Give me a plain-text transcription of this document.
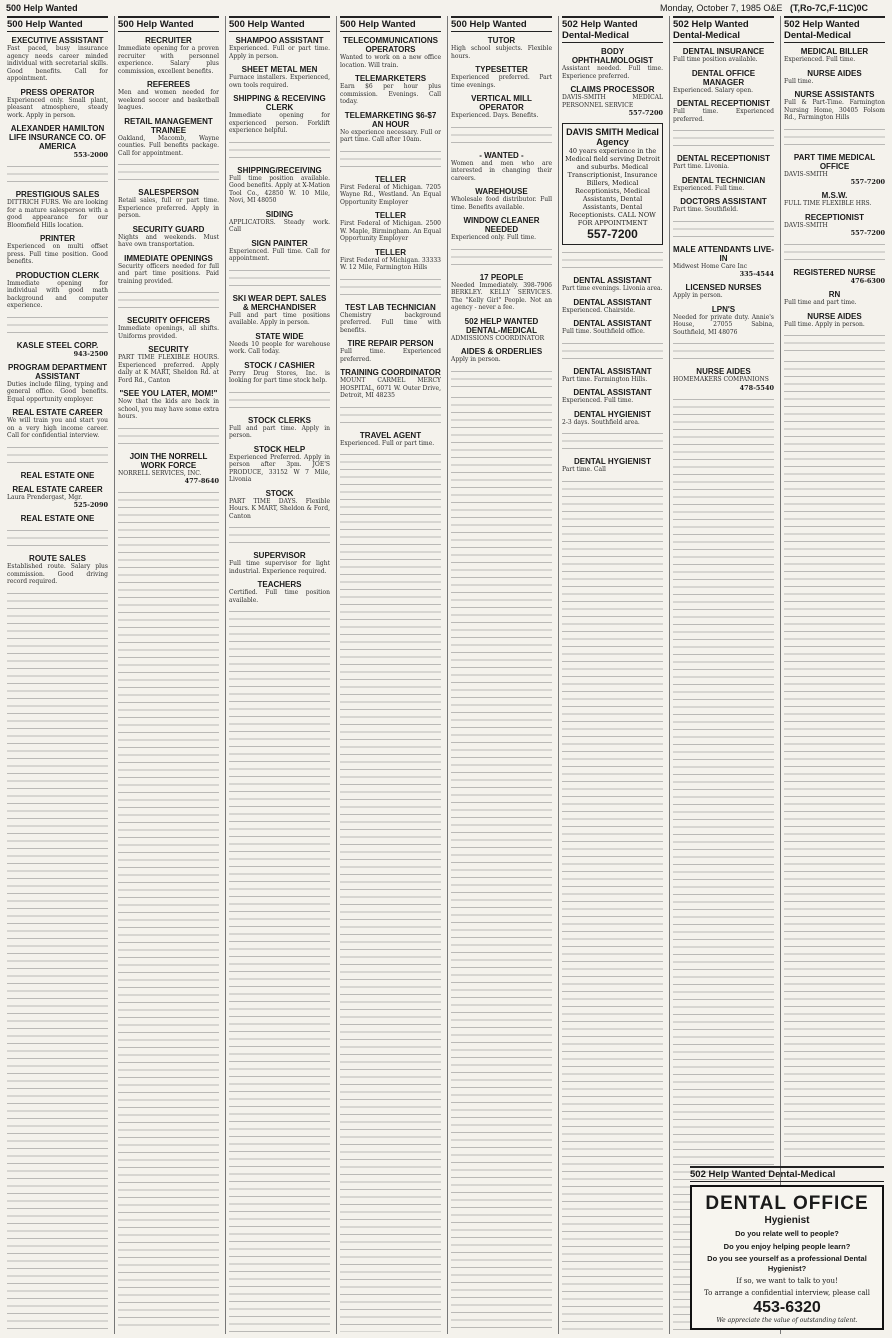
500 Help Wanted	Monday, October 7, 1985 O&E (T,Ro-7C,F-11C)0C
500 Help Wanted
EXECUTIVE ASSISTANT
Fast paced, busy insurance agency needs career minded individual with secretarial skills. Good benefits. Call for appointment.
PRESS OPERATOR
Experienced only. Small plant, pleasant atmosphere, steady work. Apply in person.
ALEXANDER HAMILTON LIFE INSURANCE CO. OF AMERICA
553-2000
PRESTIGIOUS SALES
DITTRICH FURS. We are looking for a mature salesperson with a good appearance for our Bloomfield Hills location.
PRINTER
Experienced on multi offset press. Full time position. Good benefits.
PRODUCTION CLERK
Immediate opening for individual with good math background and computer experience.
KASLE STEEL CORP.
943-2500
PROGRAM DEPARTMENT ASSISTANT
Duties include filing, typing and general office. Good benefits. Equal opportunity employer.
REAL ESTATE CAREER
We will train you and start you on a very high income career. Call for confidential interview.
REAL ESTATE ONE
REAL ESTATE CAREER
Laura Prendergast, Mgr.
525-2090
REAL ESTATE ONE
ROUTE SALES
Established route. Salary plus commission. Good driving record required.
500 Help Wanted
RECRUITER
Immediate opening for a proven recruiter with personnel experience. Salary plus commission, excellent benefits.
REFEREES
Men and women needed for weekend soccer and basketball leagues.
RETAIL MANAGEMENT TRAINEE
Oakland, Macomb, Wayne counties. Full benefits package. Call for appointment.
SALESPERSON
Retail sales, full or part time. Experience preferred. Apply in person.
SECURITY GUARD
Nights and weekends. Must have own transportation.
IMMEDIATE OPENINGS
Security officers needed for full and part time positions. Paid training provided.
SECURITY OFFICERS
Immediate openings, all shifts. Uniforms provided.
SECURITY
PART TIME FLEXIBLE HOURS. Experienced preferred. Apply daily at K MART, Sheldon Rd. at Ford Rd., Canton
"SEE YOU LATER, MOM!"
Now that the kids are back in school, you may have some extra hours.
JOIN THE NORRELL WORK FORCE
NORRELL SERVICES, INC.
477-8640
500 Help Wanted
SHAMPOO ASSISTANT
Experienced. Full or part time. Apply in person.
SHEET METAL MEN
Furnace installers. Experienced, own tools required.
SHIPPING & RECEIVING CLERK
Immediate opening for experienced person. Forklift experience helpful.
SHIPPING/RECEIVING
Full time position available. Good benefits. Apply at X-Mation Tool Co., 42850 W. 10 Mile, Novi, MI 48050
SIDING
APPLICATORS. Steady work. Call
SIGN PAINTER
Experienced. Full time. Call for appointment.
SKI WEAR DEPT. SALES & MERCHANDISER
Full and part time positions available. Apply in person.
STATE WIDE
Needs 10 people for warehouse work. Call today.
STOCK / CASHIER
Perry Drug Stores, Inc. is looking for part time stock help.
STOCK CLERKS
Full and part time. Apply in person.
STOCK HELP
Experienced Preferred. Apply in person after 3pm. JOE'S PRODUCE, 33152 W 7 Mile, Livonia
STOCK
PART TIME DAYS. Flexible Hours. K MART, Sheldon & Ford, Canton
SUPERVISOR
Full time supervisor for light industrial. Experience required.
TEACHERS
Certified. Full time position available.
500 Help Wanted
TELECOMMUNICATIONS OPERATORS
Wanted to work on a new office location. Will train.
TELEMARKETERS
Earn $6 per hour plus commission. Evenings. Call today.
TELEMARKETING $6-$7 AN HOUR
No experience necessary. Full or part time. Call after 10am.
TELLER
First Federal of Michigan. 7205 Wayne Rd., Westland. An Equal Opportunity Employer
TELLER
First Federal of Michigan. 2500 W. Maple, Birmingham. An Equal Opportunity Employer
TELLER
First Federal of Michigan. 33333 W. 12 Mile, Farmington Hills
TEST LAB TECHNICIAN
Chemistry background preferred. Full time with benefits.
TIRE REPAIR PERSON
Full time. Experienced preferred.
TRAINING COORDINATOR
MOUNT CARMEL MERCY HOSPITAL, 6071 W. Outer Drive, Detroit, MI 48235
TRAVEL AGENT
Experienced. Full or part time.
500 Help Wanted
TUTOR
High school subjects. Flexible hours.
TYPESETTER
Experienced preferred. Part time evenings.
VERTICAL MILL OPERATOR
Experienced. Days. Benefits.
- WANTED -
Women and men who are interested in changing their careers.
WAREHOUSE
Wholesale food distributor. Full time. Benefits available.
WINDOW CLEANER NEEDED
Experienced only. Full time.
17 PEOPLE
Needed Immediately. 398-7906 BERKLEY. KELLY SERVICES. The "Kelly Girl" People. Not an agency - never a fee.
502 HELP WANTED DENTAL-MEDICAL
ADMISSIONS COORDINATOR
AIDES & ORDERLIES
Apply in person.
502 Help Wanted Dental-Medical
BODY OPHTHALMOLOGIST
Assistant needed. Full time. Experience preferred.
CLAIMS PROCESSOR
DAVIS-SMITH MEDICAL PERSONNEL SERVICE
557-7200
DAVIS SMITH Medical Agency
40 years experience in the Medical field serving Detroit and suburbs. Medical Transcriptionist, Insurance Billers, Medical Receptionists, Medical Assistants, Dental Assistants, Dental Receptionists. CALL NOW FOR APPOINTMENT
557-7200
DENTAL ASSISTANT
Part time evenings. Livonia area.
DENTAL ASSISTANT
Experienced. Chairside.
DENTAL ASSISTANT
Full time. Southfield office.
DENTAL ASSISTANT
Part time. Farmington Hills.
DENTAL ASSISTANT
Experienced. Full time.
DENTAL HYGIENIST
2-3 days. Southfield area.
DENTAL HYGIENIST
Part time. Call
502 Help Wanted Dental-Medical
DENTAL INSURANCE
Full time position available.
DENTAL OFFICE MANAGER
Experienced. Salary open.
DENTAL RECEPTIONIST
Full time. Experienced preferred.
DENTAL RECEPTIONIST
Part time. Livonia.
DENTAL TECHNICIAN
Experienced. Full time.
DOCTORS ASSISTANT
Part time. Southfield.
MALE ATTENDANTS LIVE-IN
Midwest Home Care Inc
335-4544
LICENSED NURSES
Apply in person.
LPN'S
Needed for private duty. Annie's House, 27055 Sabina, Southfield, MI 48076
NURSE AIDES
HOMEMAKERS COMPANIONS
478-5540
502 Help Wanted Dental-Medical
MEDICAL BILLER
Experienced. Full time.
NURSE AIDES
Full time.
NURSE ASSISTANTS
Full & Part-Time. Farmington Nursing Home, 30405 Folsom Rd., Farmington Hills
PART TIME MEDICAL OFFICE
DAVIS-SMITH
557-7200
M.S.W.
FULL TIME FLEXIBLE HRS.
RECEPTIONIST
DAVIS-SMITH
557-7200
REGISTERED NURSE
476-6300
RN
Full time and part time.
NURSE AIDES
Full time. Apply in person.
502 Help Wanted Dental-Medical
DENTAL OFFICE
Hygienist
Do you relate well to people?
Do you enjoy helping people learn?
Do you see yourself as a professional Dental Hygienist?
If so, we want to talk to you!
To arrange a confidential interview, please call
453-6320
We appreciate the value of outstanding talent.
